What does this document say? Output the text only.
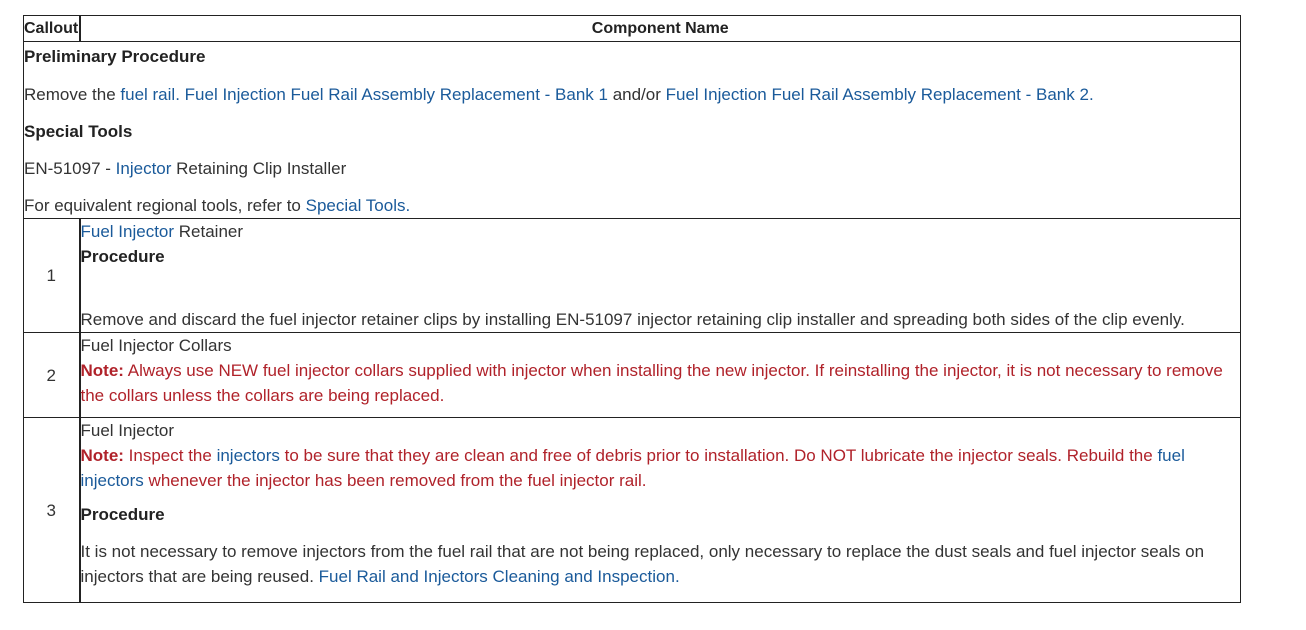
Callout	Component Name

Preliminary Procedure

Remove the fuel rail. Fuel Injection Fuel Rail Assembly Replacement - Bank 1 and/or Fuel Injection Fuel Rail Assembly Replacement - Bank 2.

Special Tools

EN-51097 - Injector Retaining Clip Installer

For equivalent regional tools, refer to Special Tools.	

1	Fuel Injector Retainer

Procedure

Remove and discard the fuel injector retainer clips by installing EN-51097 injector retaining clip installer and spreading both sides of the clip evenly.

2	Fuel Injector Collars

Note: Always use NEW fuel injector collars supplied with injector when installing the new injector. If reinstalling the injector, it is not necessary to remove the collars unless the collars are being replaced.

3	Fuel Injector

Note: Inspect the injectors to be sure that they are clean and free of debris prior to installation. Do NOT lubricate the injector seals. Rebuild the fuel injectors whenever the injector has been removed from the fuel injector rail.

Procedure

It is not necessary to remove injectors from the fuel rail that are not being replaced, only necessary to replace the dust seals and fuel injector seals on injectors that are being reused. Fuel Rail and Injectors Cleaning and Inspection.
